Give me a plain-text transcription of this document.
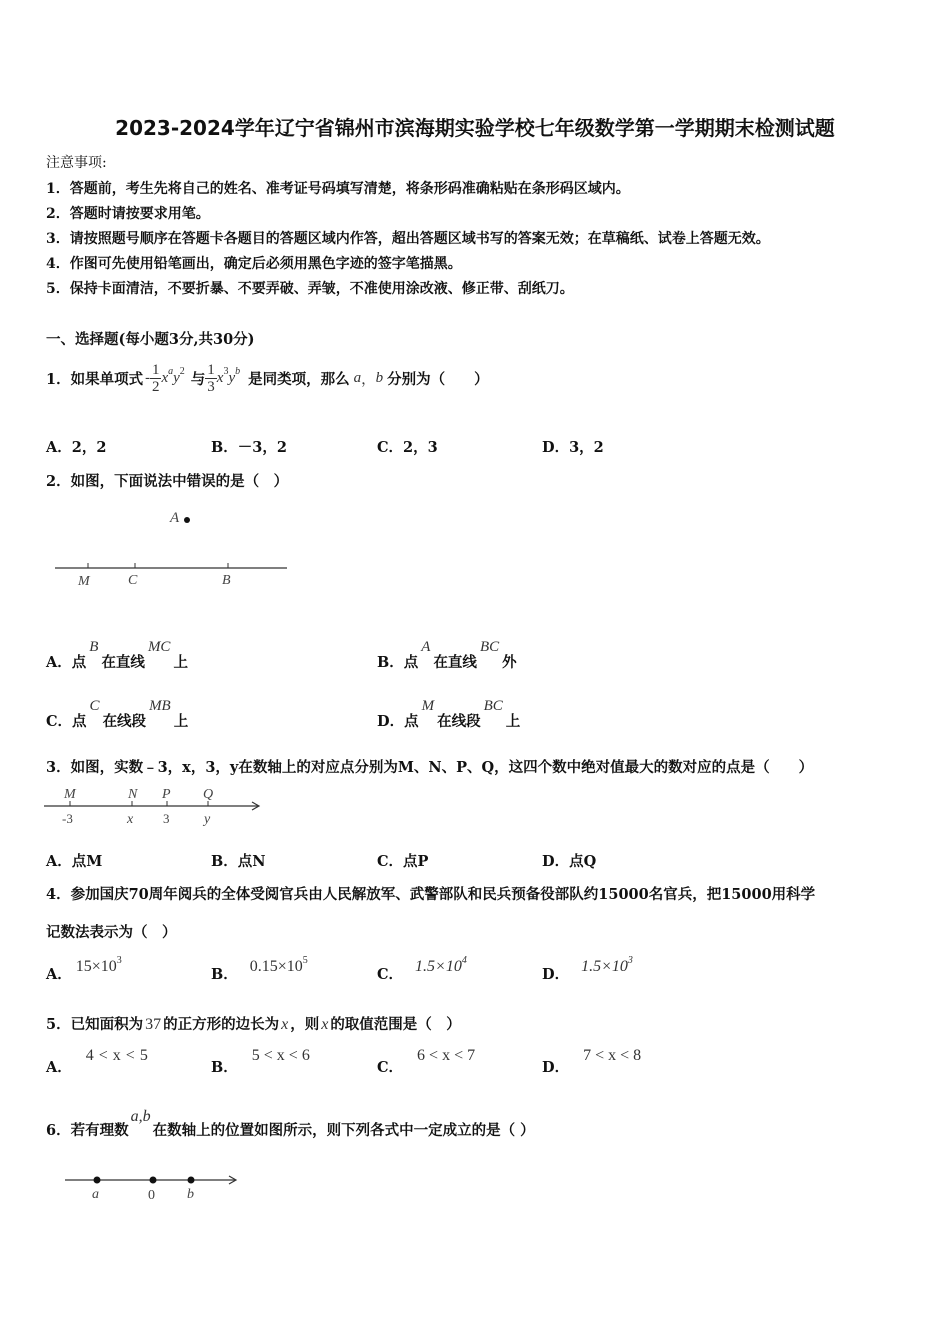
2023-2024学年辽宁省锦州市滨海期实验学校七年级数学第一学期期末检测试题
注意事项:
1．答题前，考生先将自己的姓名、准考证号码填写清楚，将条形码准确粘贴在条形码区域内。
2．答题时请按要求用笔。
3．请按照题号顺序在答题卡各题目的答题区域内作答，超出答题区域书写的答案无效；在草稿纸、试卷上答题无效。
4．作图可先使用铅笔画出，确定后必须用黑色字迹的签字笔描黑。
5．保持卡面清洁，不要折暴、不要弄破、弄皱，不准使用涂改液、修正带、刮纸刀。
一、选择题(每小题3分,共30分)
1．如果单项式 - $\frac{1}{2}$ x a y 2 与 $\frac{1}{3}$ x 3 y b 是同类项，那么 a ， b 分别为（　　）
A．2，2	B．－3，2	C．2，3	D．3，2
2．如图，下面说法中错误的是（　）
A
M	C	B
A．点
B
在直线
MC
上	B．点
A
在直线
BC
外
C．点
C
在线段
MB
上	D．点
M
在线段
BC
上
3．如图，实数﹣3，x，3，y在数轴上的对应点分别为M、N、P、Q，这四个数中绝对值最大的数对应的点是（　　）
M	N P Q
-3	x 3 y
A．点M	B．点N	C．点P	D．点Q
4．参加国庆70周年阅兵的全体受阅官兵由人民解放军、武警部队和民兵预备役部队约15000名官兵，把15000用科学
记数法表示为（　）
A． 15×10 3
B． 0.15×10 5
C． 1.5×10 4
D． 1.5×10 3
5．已知面积为 37 的正方形的边长为 x ，则 x 的取值范围是（　）
A．
4 < x < 5
B．
5 < x < 6
C．
6 < x < 7
D．
7 < x < 8
6．若有理数
a,b
在数轴上的位置如图所示，则下列各式中一定成立的是（ ）
a	0 b
